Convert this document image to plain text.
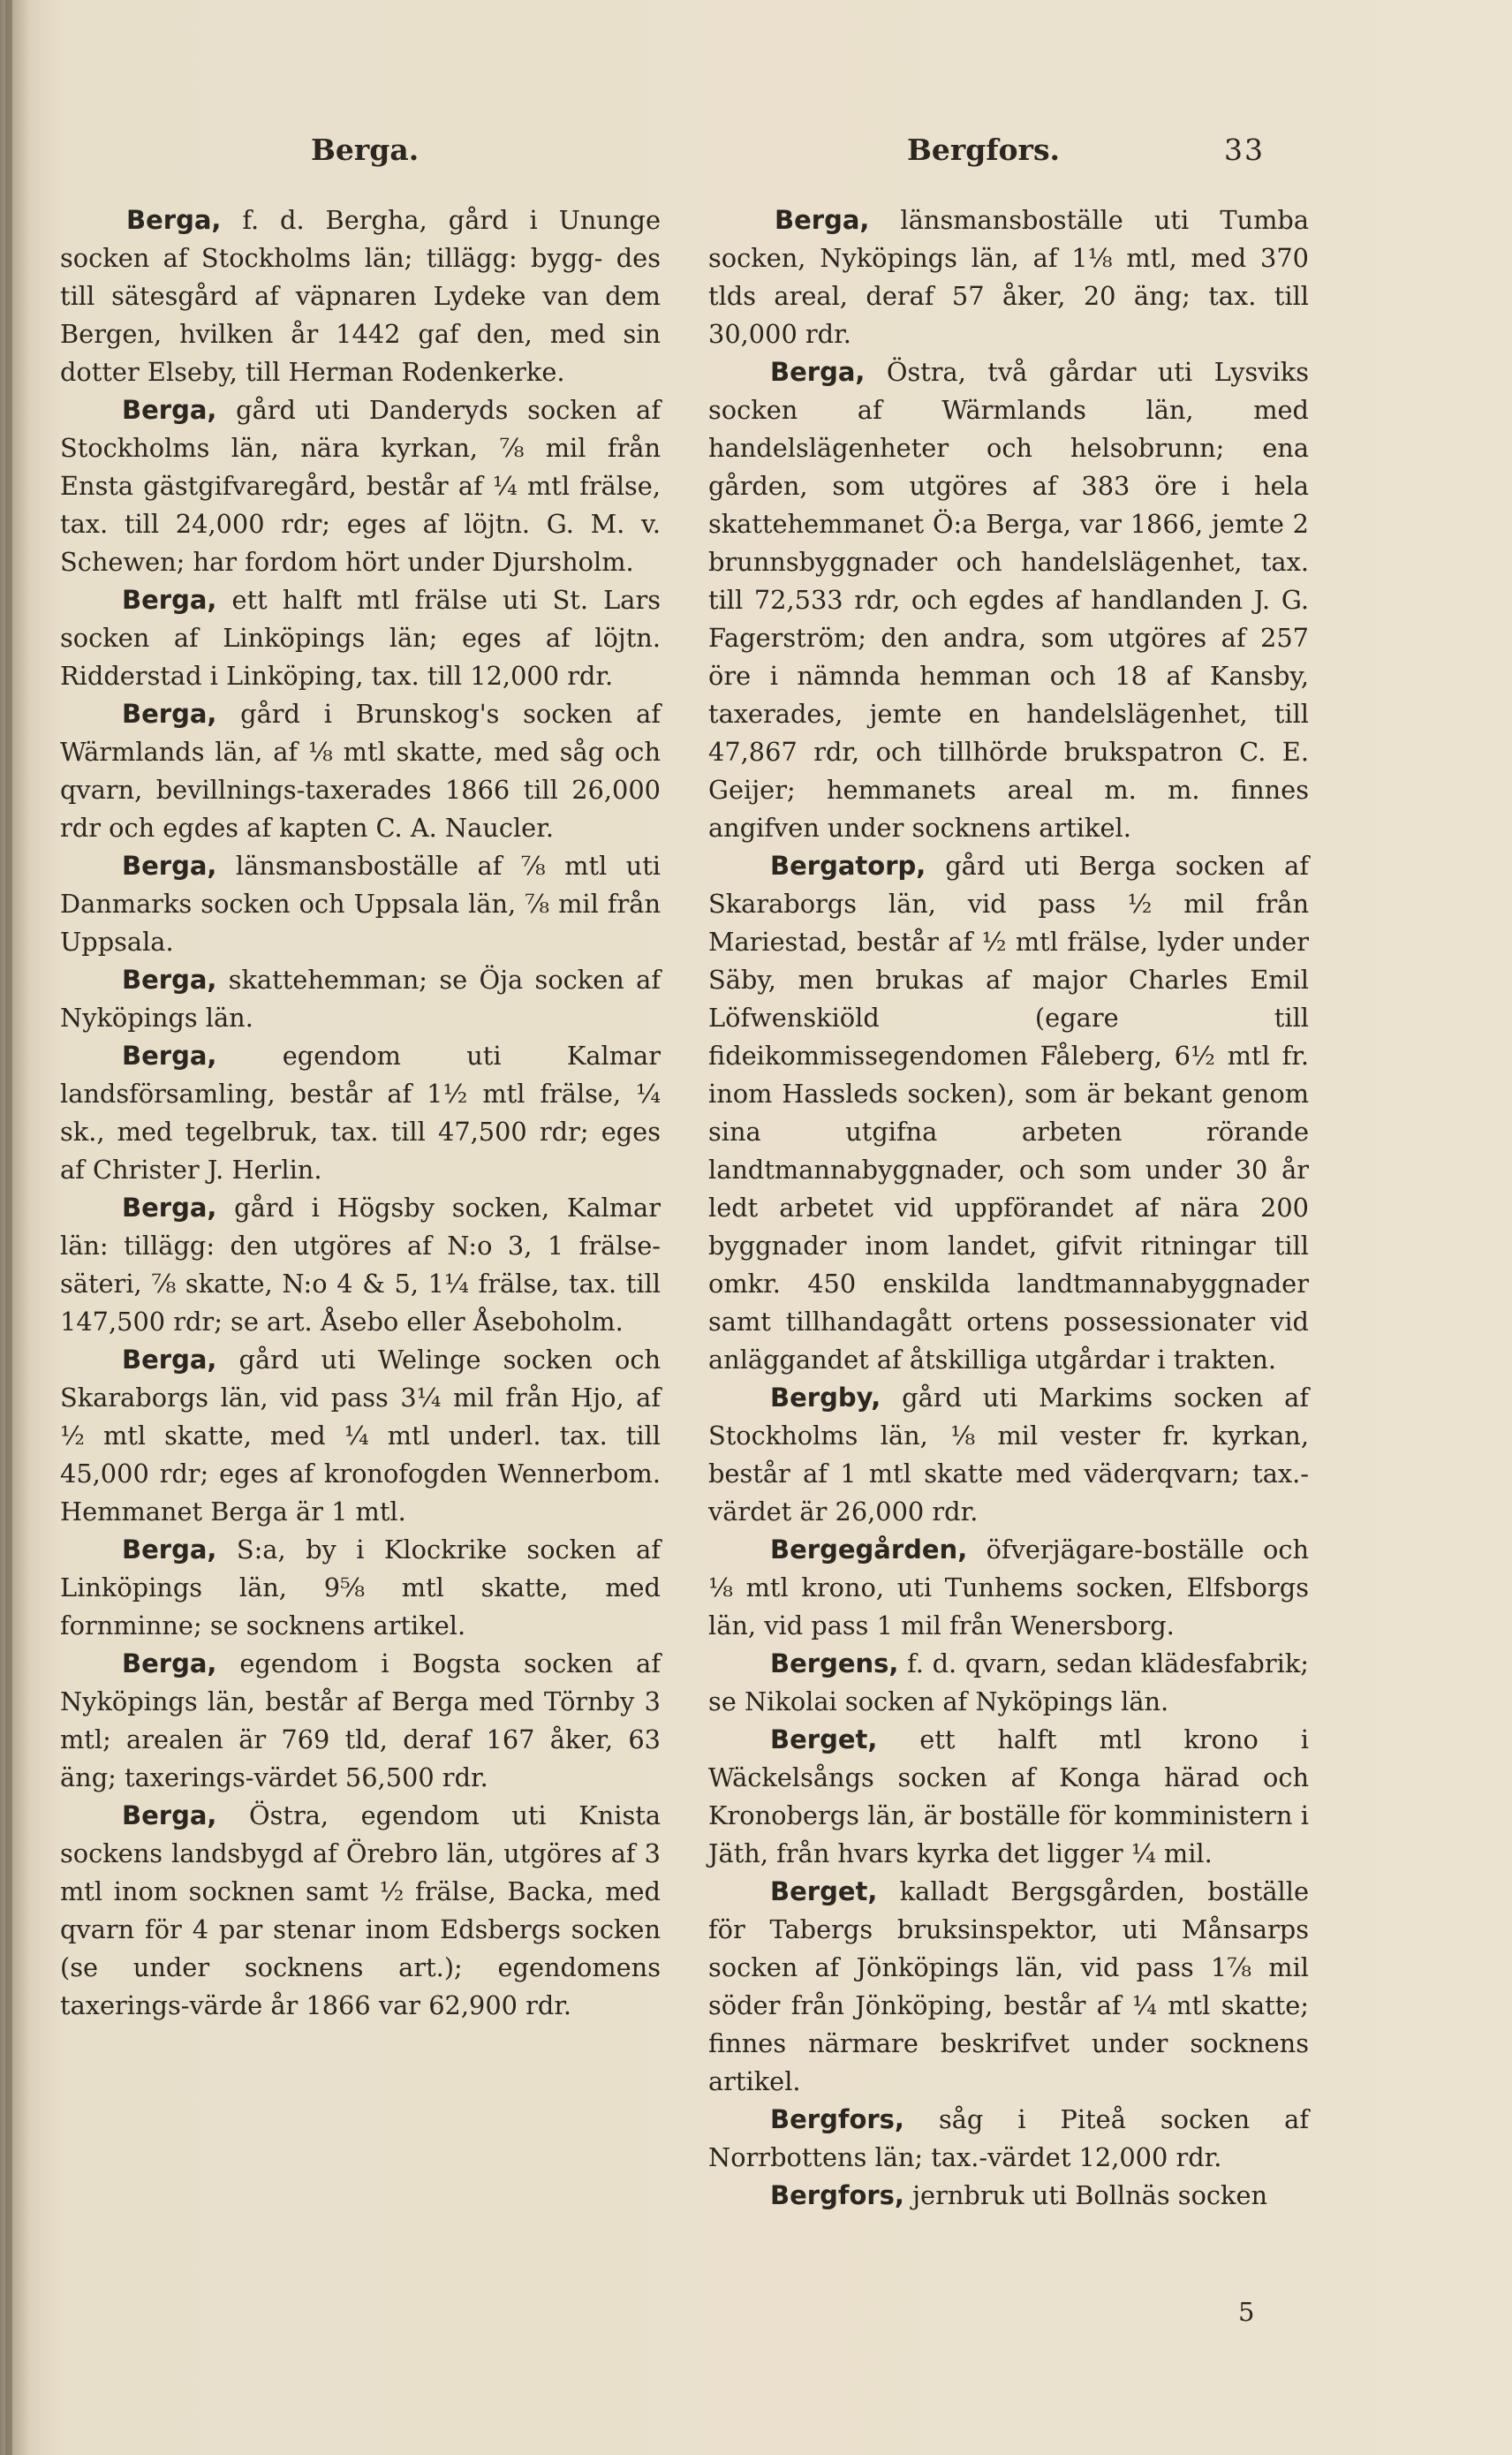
Berga.	Bergfors.	33

Berga, f. d. Bergha, gård i Ununge socken af Stockholms län; tillägg: bygg- des till sätesgård af väpnaren Lydeke van dem Bergen, hvilken år 1442 gaf den, med sin dotter Elseby, till Herman Rodenkerke.

Berga, gård uti Danderyds socken af Stockholms län, nära kyrkan, ⅞ mil från Ensta gästgifvaregård, består af ¼ mtl frälse, tax. till 24,000 rdr; eges af löjtn. G. M. v. Schewen; har fordom hört under Djursholm.

Berga, ett halft mtl frälse uti St. Lars socken af Linköpings län; eges af löjtn. Ridderstad i Linköping, tax. till 12,000 rdr.

Berga, gård i Brunskog's socken af Wärmlands län, af ⅛ mtl skatte, med såg och qvarn, bevillnings-taxerades 1866 till 26,000 rdr och egdes af kapten C. A. Naucler.

Berga, länsmansboställe af ⅞ mtl uti Danmarks socken och Uppsala län, ⅞ mil från Uppsala.

Berga, skattehemman; se Öja socken af Nyköpings län.

Berga, egendom uti Kalmar landsförsamling, består af 1½ mtl frälse, ¼ sk., med tegelbruk, tax. till 47,500 rdr; eges af Christer J. Herlin.

Berga, gård i Högsby socken, Kalmar län: tillägg: den utgöres af N:o 3, 1 frälse-säteri, ⅞ skatte, N:o 4 & 5, 1¼ frälse, tax. till 147,500 rdr; se art. Åsebo eller Åseboholm.

Berga, gård uti Welinge socken och Skaraborgs län, vid pass 3¼ mil från Hjo, af ½ mtl skatte, med ¼ mtl underl. tax. till 45,000 rdr; eges af kronofogden Wennerbom. Hemmanet Berga är 1 mtl.

Berga, S:a, by i Klockrike socken af Linköpings län, 9⅝ mtl skatte, med fornminne; se socknens artikel.

Berga, egendom i Bogsta socken af Nyköpings län, består af Berga med Törnby 3 mtl; arealen är 769 tld, deraf 167 åker, 63 äng; taxerings-värdet 56,500 rdr.

Berga, Östra, egendom uti Knista sockens landsbygd af Örebro län, utgöres af 3 mtl inom socknen samt ½ frälse, Backa, med qvarn för 4 par stenar inom Edsbergs socken (se under socknens art.); egendomens taxerings-värde år 1866 var 62,900 rdr.

Berga, länsmansboställe uti Tumba socken, Nyköpings län, af 1⅛ mtl, med 370 tlds areal, deraf 57 åker, 20 äng; tax. till 30,000 rdr.

Berga, Östra, två gårdar uti Lysviks socken af Wärmlands län, med handelslägenheter och helsobrunn; ena gården, som utgöres af 383 öre i hela skattehemmanet Ö:a Berga, var 1866, jemte 2 brunnsbyggnader och handelslägenhet, tax. till 72,533 rdr, och egdes af handlanden J. G. Fagerström; den andra, som utgöres af 257 öre i nämnda hemman och 18 af Kansby, taxerades, jemte en handelslägenhet, till 47,867 rdr, och tillhörde brukspatron C. E. Geijer; hemmanets areal m. m. finnes angifven under socknens artikel.

Bergatorp, gård uti Berga socken af Skaraborgs län, vid pass ½ mil från Mariestad, består af ½ mtl frälse, lyder under Säby, men brukas af major Charles Emil Löfwenskiöld (egare till fideikommissegendomen Fåleberg, 6½ mtl fr. inom Hassleds socken), som är bekant genom sina utgifna arbeten rörande landtmannabyggnader, och som under 30 år ledt arbetet vid uppförandet af nära 200 byggnader inom landet, gifvit ritningar till omkr. 450 enskilda landtmannabyggnader samt tillhandagått ortens possessionater vid anläggandet af åtskilliga utgårdar i trakten.

Bergby, gård uti Markims socken af Stockholms län, ⅛ mil vester fr. kyrkan, består af 1 mtl skatte med väderqvarn; tax.-värdet är 26,000 rdr.

Bergegården, öfverjägare-boställe och ⅛ mtl krono, uti Tunhems socken, Elfsborgs län, vid pass 1 mil från Wenersborg.

Bergens, f. d. qvarn, sedan klädesfabrik; se Nikolai socken af Nyköpings län.

Berget, ett halft mtl krono i Wäckelsångs socken af Konga härad och Kronobergs län, är boställe för komministern i Jäth, från hvars kyrka det ligger ¼ mil.

Berget, kalladt Bergsgården, boställe för Tabergs bruksinspektor, uti Månsarps socken af Jönköpings län, vid pass 1⅞ mil söder från Jönköping, består af ¼ mtl skatte; finnes närmare beskrifvet under socknens artikel.

Bergfors, såg i Piteå socken af Norrbottens län; tax.-värdet 12,000 rdr.

Bergfors, jernbruk uti Bollnäs socken

5
